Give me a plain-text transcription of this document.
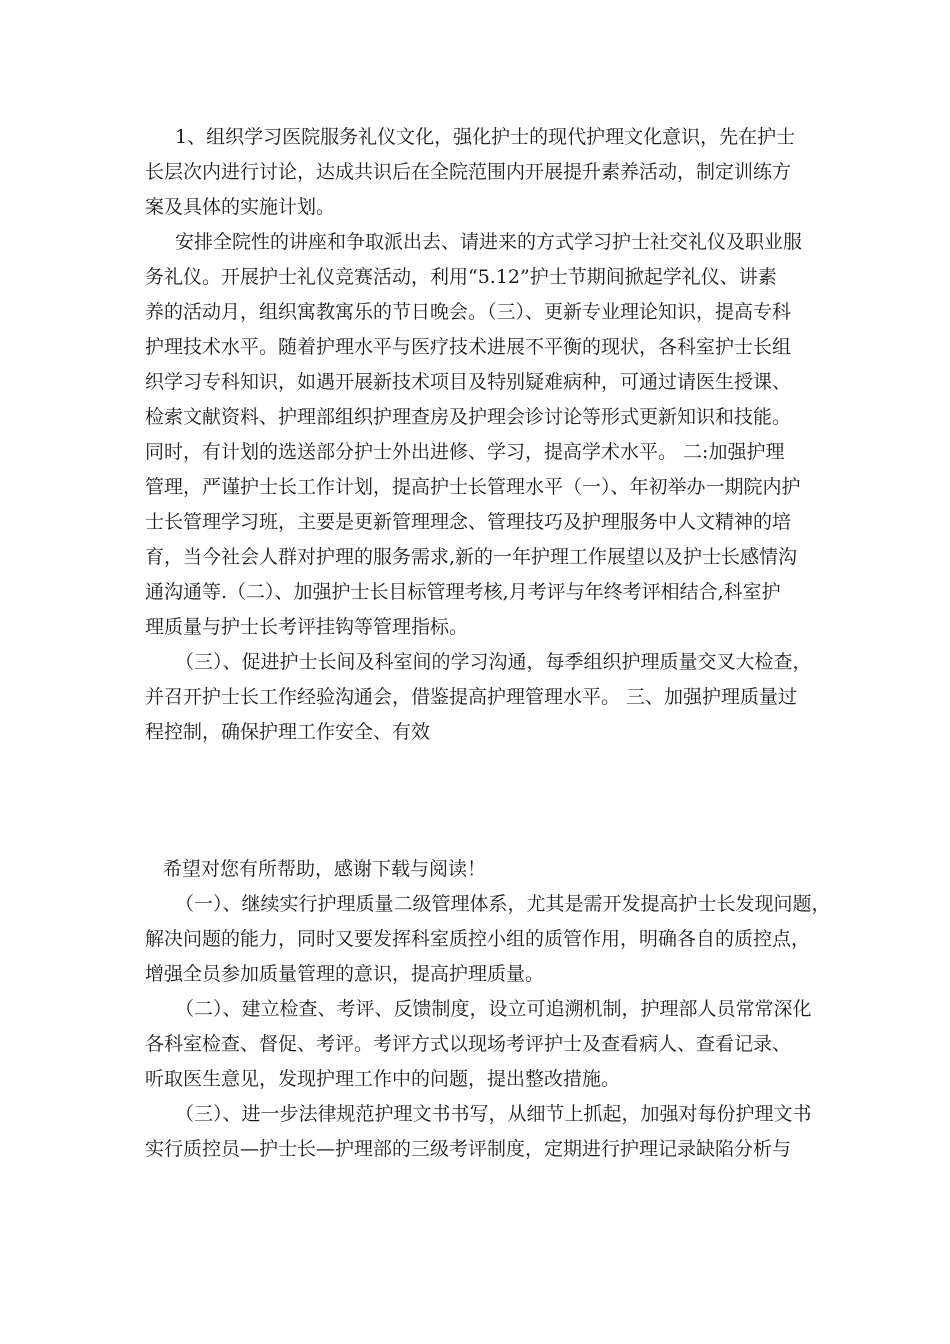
1、组织学习医院服务礼仪文化，强化护士的现代护理文化意识，先在护士

长层次内进行讨论，达成共识后在全院范围内开展提升素养活动，制定训练方

案及具体的实施计划。

安排全院性的讲座和争取派出去、请进来的方式学习护士社交礼仪及职业服

务礼仪。开展护士礼仪竞赛活动，利用“5.12”护士节期间掀起学礼仪、讲素

养的活动月，组织寓教寓乐的节日晚会。（三）、更新专业理论知识，提高专科

护理技术水平。随着护理水平与医疗技术进展不平衡的现状，各科室护士长组

织学习专科知识，如遇开展新技术项目及特别疑难病种，可通过请医生授课、

检索文献资料、护理部组织护理查房及护理会诊讨论等形式更新知识和技能。

同时，有计划的选送部分护士外出进修、学习，提高学术水平。 二:加强护理

管理，严谨护士长工作计划，提高护士长管理水平（一）、年初举办一期院内护

士长管理学习班，主要是更新管理理念、管理技巧及护理服务中人文精神的培

育，当今社会人群对护理的服务需求,新的一年护理工作展望以及护士长感情沟

通沟通等.（二）、加强护士长目标管理考核,月考评与年终考评相结合,科室护

理质量与护士长考评挂钩等管理指标。

（三）、促进护士长间及科室间的学习沟通，每季组织护理质量交叉大检查，

并召开护士长工作经验沟通会，借鉴提高护理管理水平。 三、加强护理质量过

程控制，确保护理工作安全、有效

希望对您有所帮助，感谢下载与阅读！

（一）、继续实行护理质量二级管理体系，尤其是需开发提高护士长发现问题，

解决问题的能力，同时又要发挥科室质控小组的质管作用，明确各自的质控点，

增强全员参加质量管理的意识，提高护理质量。

（二）、建立检查、考评、反馈制度，设立可追溯机制，护理部人员常常深化

各科室检查、督促、考评。考评方式以现场考评护士及查看病人、查看记录、

听取医生意见，发现护理工作中的问题，提出整改措施。

（三）、进一步法律规范护理文书书写，从细节上抓起，加强对每份护理文书

实行质控员—护士长—护理部的三级考评制度，定期进行护理记录缺陷分析与
